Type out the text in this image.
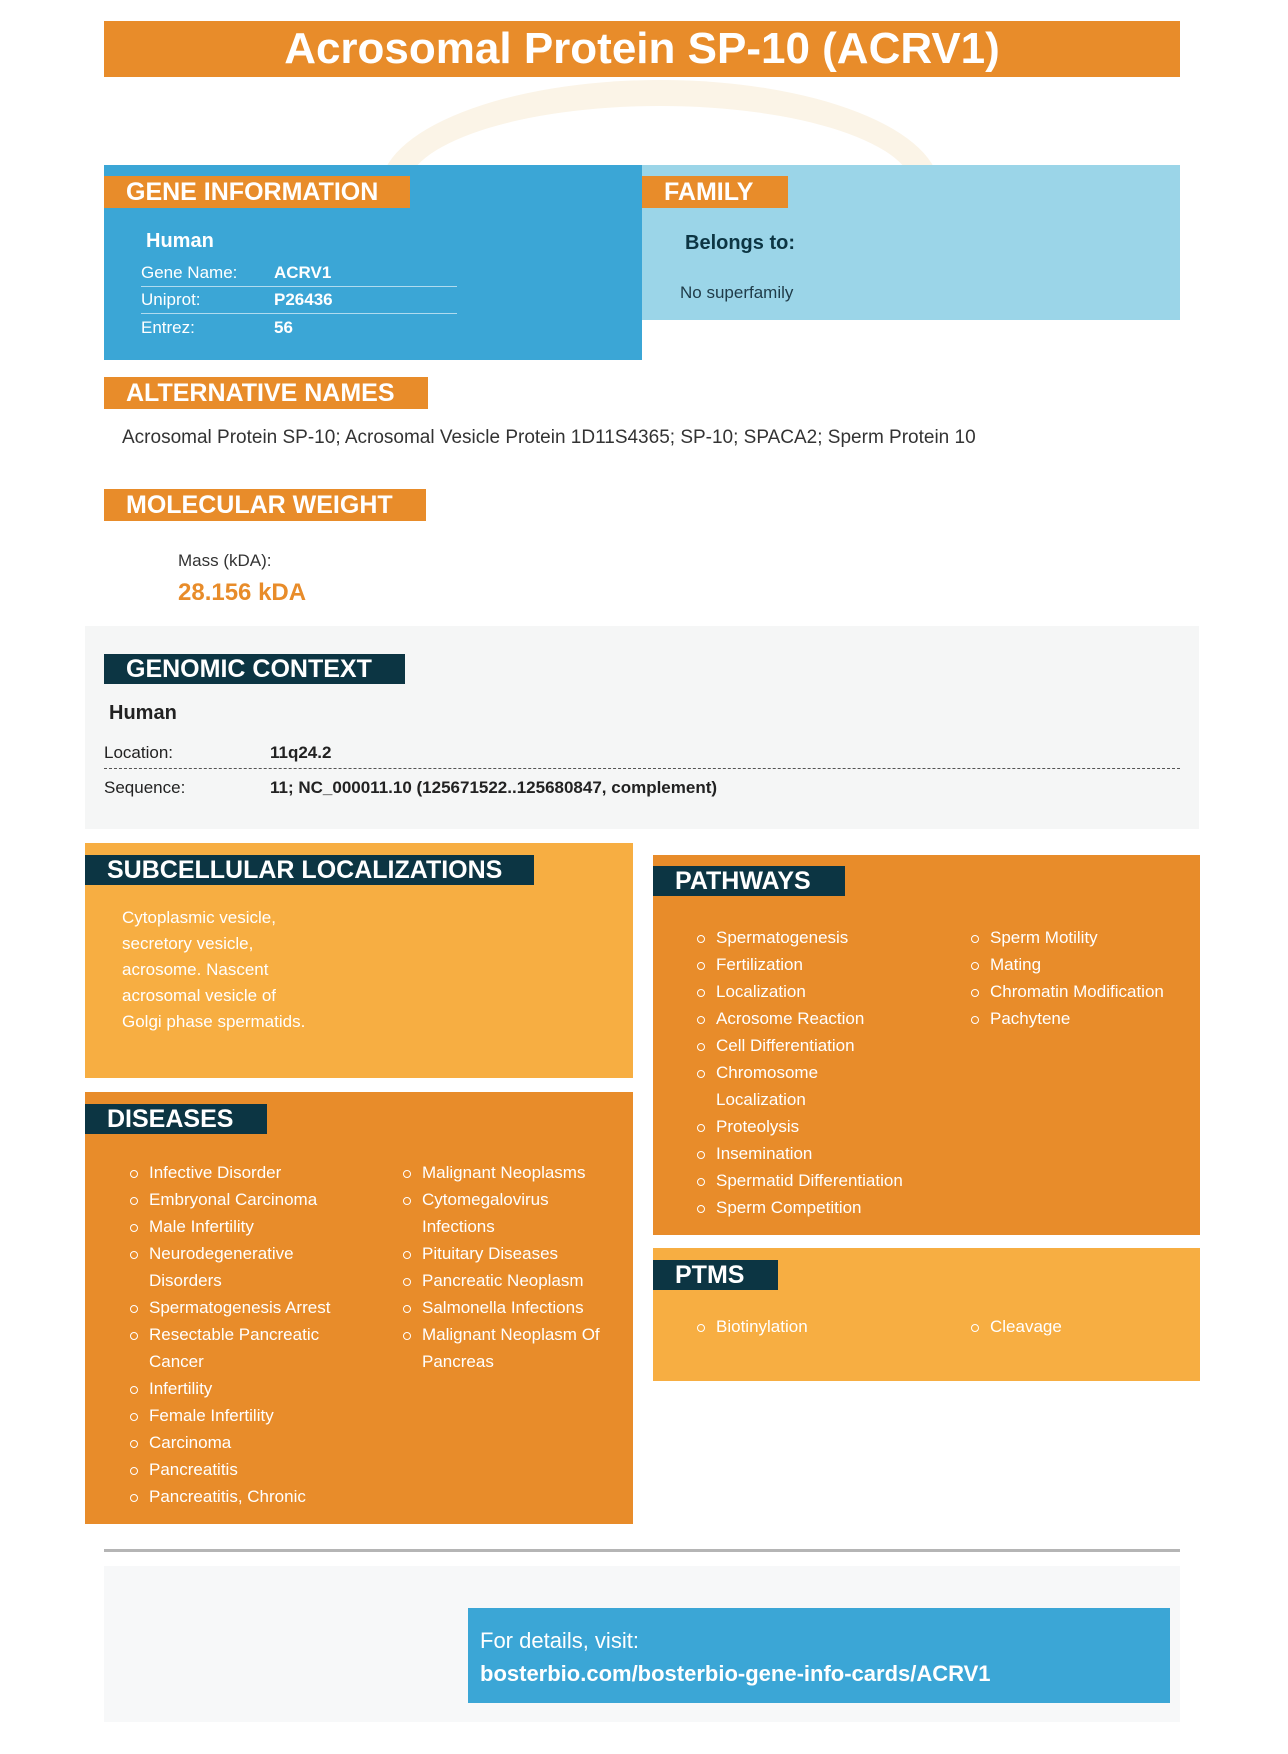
Acrosomal Protein SP-10 (ACRV1)
GENE INFORMATION
Human
Gene Name: ACRV1
Uniprot:	P26436
Entrez:	56
FAMILY
Belongs to:
No superfamily
ALTERNATIVE NAMES
Acrosomal Protein SP-10; Acrosomal Vesicle Protein 1D11S4365; SP-10; SPACA2; Sperm Protein 10
MOLECULAR WEIGHT
Mass (kDA):
28.156 kDA
GENOMIC CONTEXT
Human
Location:	11q24.2
Sequence:	11; NC_000011.10 (125671522..125680847, complement)
SUBCELLULAR LOCALIZATIONS
Cytoplasmic vesicle,
secretory vesicle,
acrosome. Nascent
acrosomal vesicle of
Golgi phase spermatids.
DISEASES
Infective Disorder
Embryonal Carcinoma
Male Infertility
Neurodegenerative
Disorders
Spermatogenesis Arrest
Resectable Pancreatic
Cancer
Infertility
Female Infertility
Carcinoma
Pancreatitis
Pancreatitis, Chronic
Malignant Neoplasms
Cytomegalovirus
Infections
Pituitary Diseases
Pancreatic Neoplasm
Salmonella Infections
Malignant Neoplasm Of
Pancreas
PATHWAYS
Spermatogenesis
Fertilization
Localization
Acrosome Reaction
Cell Differentiation
Chromosome
Localization
Proteolysis
Insemination
Spermatid Differentiation
Sperm Competition
Sperm Motility
Mating
Chromatin Modification
Pachytene
PTMS
Biotinylation	Cleavage
For details, visit:
bosterbio.com/bosterbio-gene-info-cards/ACRV1
